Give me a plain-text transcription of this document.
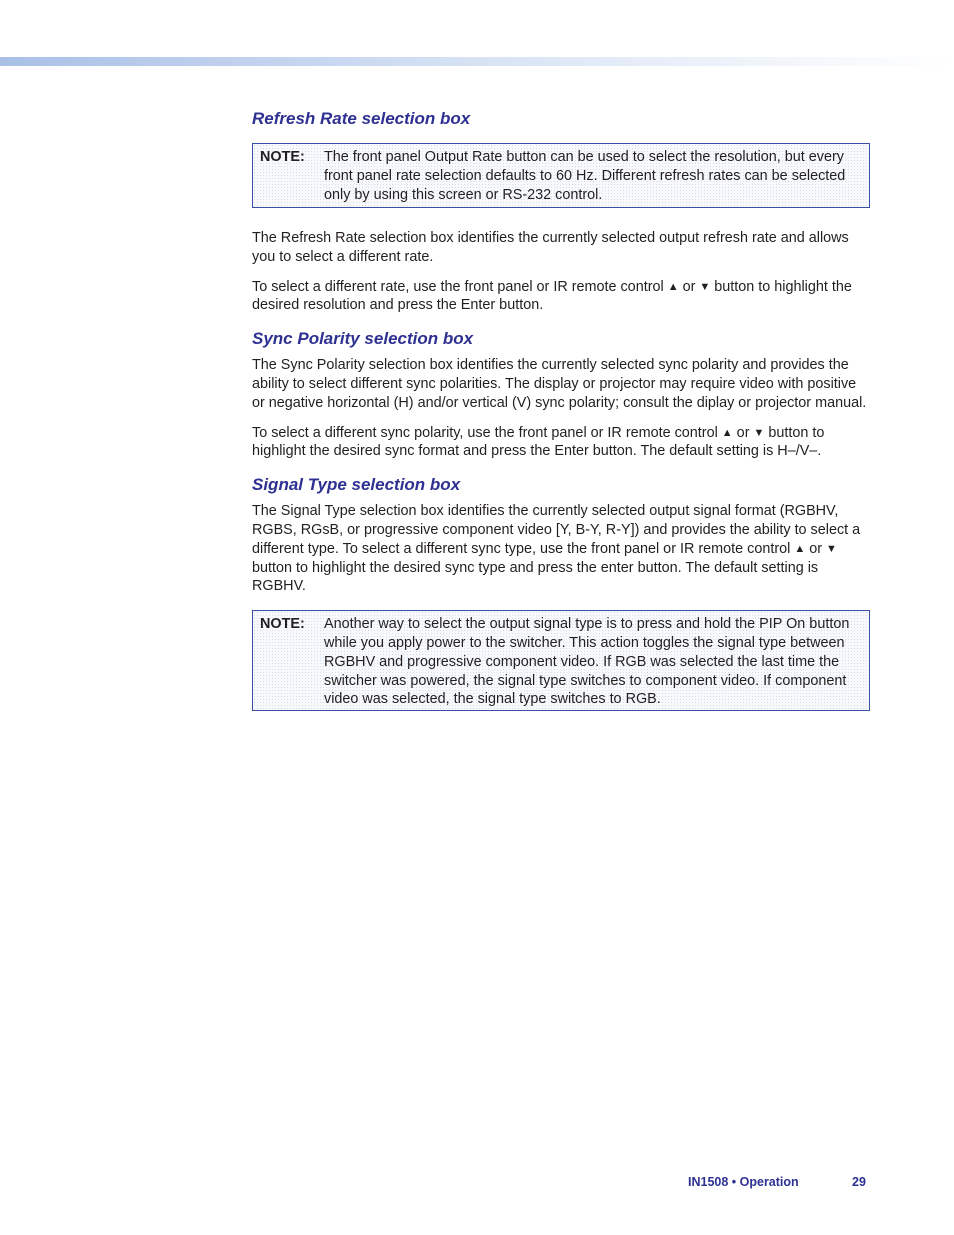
Refresh Rate selection box
NOTE:	The front panel Output Rate button can be used to select the resolution, but every front panel rate selection defaults to 60 Hz. Different refresh rates can be selected only by using this screen or RS-232 control.

The Refresh Rate selection box identifies the currently selected output refresh rate and allows you to select a different rate.

To select a different rate, use the front panel or IR remote control ▲ or ▼ button to highlight the desired resolution and press the Enter button.

Sync Polarity selection box

The Sync Polarity selection box identifies the currently selected sync polarity and provides the ability to select different sync polarities. The display or projector may require video with positive or negative horizontal (H) and/or vertical (V) sync polarity; consult the diplay or projector manual.

To select a different sync polarity, use the front panel or IR remote control ▲ or ▼ button to highlight the desired sync format and press the Enter button. The default setting is H–/V–.

Signal Type selection box

The Signal Type selection box identifies the currently selected output signal format (RGBHV, RGBS, RGsB, or progressive component video [Y, B-Y, R-Y]) and provides the ability to select a different type. To select a different sync type, use the front panel or IR remote control ▲ or ▼ button to highlight the desired sync type and press the enter button. The default setting is RGBHV.

NOTE:	Another way to select the output signal type is to press and hold the PIP On button while you apply power to the switcher. This action toggles the signal type between RGBHV and progressive component video. If RGB was selected the last time the switcher was powered, the signal type switches to component video. If component video was selected, the signal type switches to RGB.
IN1508 • Operation	29
